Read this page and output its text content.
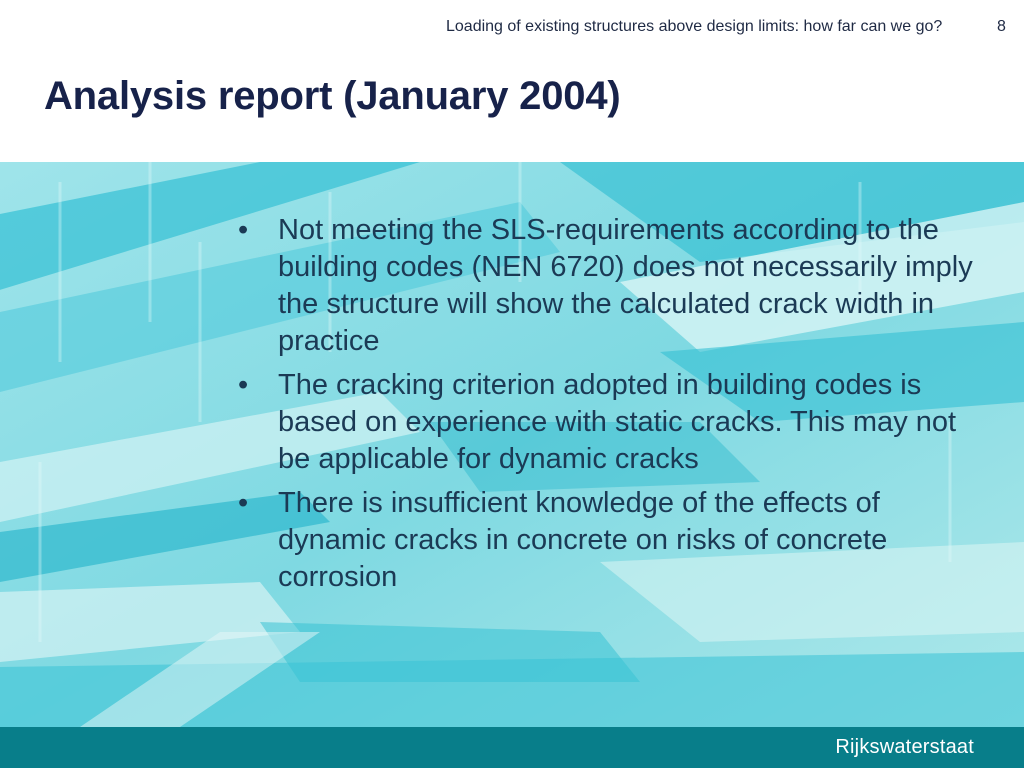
Loading of existing structures above design limits: how far can we go?	8
Analysis report (January 2004)
•	Not meeting the SLS-requirements according to the building codes (NEN 6720) does not necessarily imply the structure will show the calculated crack width in practice
•	The cracking criterion adopted in building codes is based on experience with static cracks. This may not be applicable for dynamic cracks
•	There is insufficient knowledge of the effects of dynamic cracks in concrete on risks of concrete corrosion
Rijkswaterstaat
